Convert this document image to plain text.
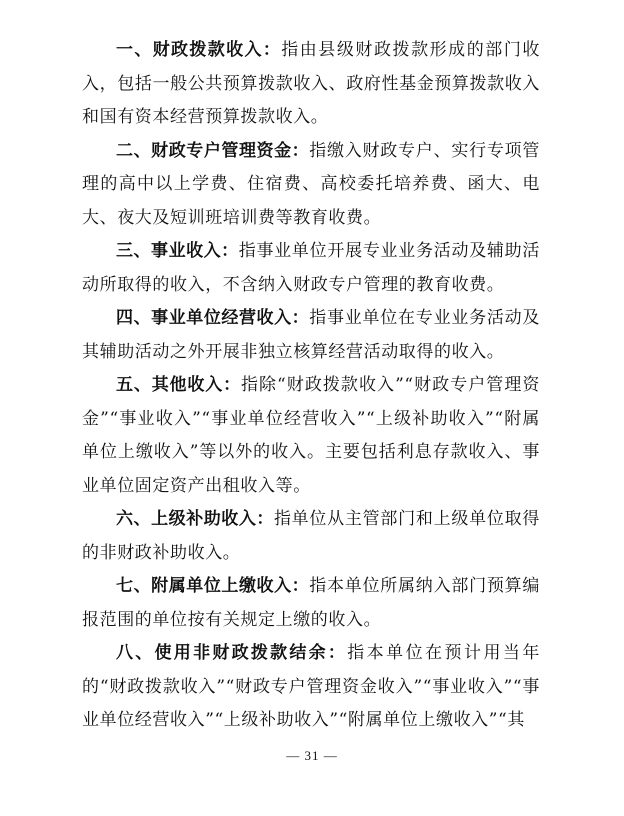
一、财政拨款收入：指由县级财政拨款形成的部门收入，包括一般公共预算拨款收入、政府性基金预算拨款收入和国有资本经营预算拨款收入。

二、财政专户管理资金：指缴入财政专户、实行专项管理的高中以上学费、住宿费、高校委托培养费、函大、电大、夜大及短训班培训费等教育收费。

三、事业收入：指事业单位开展专业业务活动及辅助活动所取得的收入，不含纳入财政专户管理的教育收费。

四、事业单位经营收入：指事业单位在专业业务活动及其辅助活动之外开展非独立核算经营活动取得的收入。

五、其他收入：指除“财政拨款收入”“财政专户管理资金”“事业收入”“事业单位经营收入”“上级补助收入”“附属单位上缴收入”等以外的收入。主要包括利息存款收入、事业单位固定资产出租收入等。

六、上级补助收入：指单位从主管部门和上级单位取得的非财政补助收入。

七、附属单位上缴收入：指本单位所属纳入部门预算编报范围的单位按有关规定上缴的收入。

八、使用非财政拨款结余：指本单位在预计用当年的“财政拨款收入”“财政专户管理资金收入”“事业收入”“事业单位经营收入”“上级补助收入”“附属单位上缴收入”“其

— 31 —
